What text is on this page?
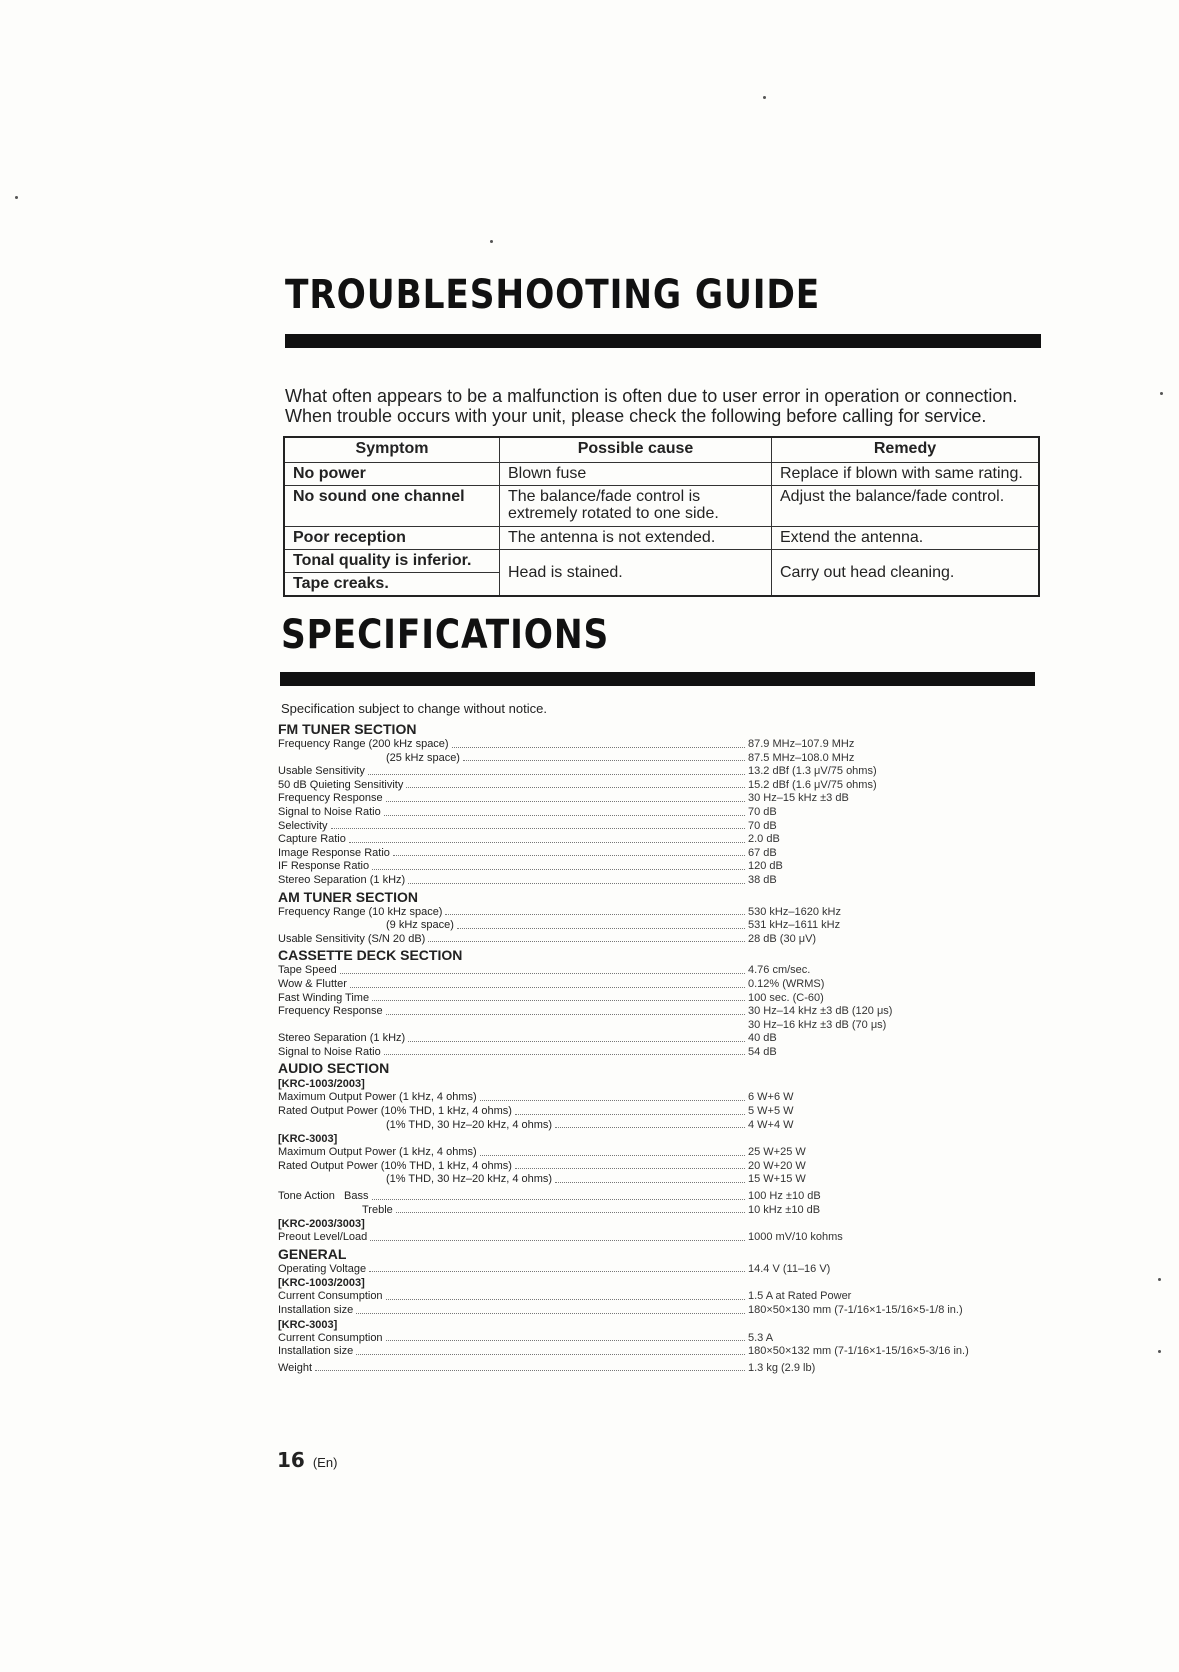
TROUBLESHOOTING GUIDE
What often appears to be a malfunction is often due to user error in operation or connection.
When trouble occurs with your unit, please check the following before calling for service.
Symptom	Possible cause	Remedy
No power	Blown fuse	Replace if blown with same rating.
No sound one channel	The balance/fade control is extremely rotated to one side.	Adjust the balance/fade control.
Poor reception	The antenna is not extended.	Extend the antenna.
Tonal quality is inferior.	Head is stained.	Carry out head cleaning.
Tape creaks.		
SPECIFICATIONS
Specification subject to change without notice.
FM TUNER SECTION
Frequency Range (200 kHz space)	87.9 MHz–107.9 MHz
(25 kHz space)	87.5 MHz–108.0 MHz
Usable Sensitivity	13.2 dBf (1.3 μV/75 ohms)
50 dB Quieting Sensitivity	15.2 dBf (1.6 μV/75 ohms)
Frequency Response	30 Hz–15 kHz ±3 dB
Signal to Noise Ratio	70 dB
Selectivity	70 dB
Capture Ratio	2.0 dB
Image Response Ratio	67 dB
IF Response Ratio	120 dB
Stereo Separation (1 kHz)	38 dB
AM TUNER SECTION
Frequency Range (10 kHz space)	530 kHz–1620 kHz
(9 kHz space)	531 kHz–1611 kHz
Usable Sensitivity (S/N 20 dB)	28 dB (30 μV)
CASSETTE DECK SECTION
Tape Speed	4.76 cm/sec.
Wow & Flutter	0.12% (WRMS)
Fast Winding Time	100 sec. (C-60)
Frequency Response	30 Hz–14 kHz ±3 dB (120 μs)
30 Hz–16 kHz ±3 dB (70 μs)
Stereo Separation (1 kHz)	40 dB
Signal to Noise Ratio	54 dB
AUDIO SECTION
[KRC-1003/2003]
Maximum Output Power (1 kHz, 4 ohms)	6 W+6 W
Rated Output Power (10% THD, 1 kHz, 4 ohms)	5 W+5 W
(1% THD, 30 Hz–20 kHz, 4 ohms)	4 W+4 W
[KRC-3003]
Maximum Output Power (1 kHz, 4 ohms)	25 W+25 W
Rated Output Power (10% THD, 1 kHz, 4 ohms)	20 W+20 W
(1% THD, 30 Hz–20 kHz, 4 ohms)	15 W+15 W
Tone Action   Bass	100 Hz ±10 dB
Treble	10 kHz ±10 dB
[KRC-2003/3003]
Preout Level/Load	1000 mV/10 kohms
GENERAL
Operating Voltage	14.4 V (11–16 V)
[KRC-1003/2003]
Current Consumption	1.5 A at Rated Power
Installation size	180×50×130 mm (7-1/16×1-15/16×5-1/8 in.)
[KRC-3003]
Current Consumption	5.3 A
Installation size	180×50×132 mm (7-1/16×1-15/16×5-3/16 in.)
Weight	1.3 kg (2.9 lb)
16 (En)
